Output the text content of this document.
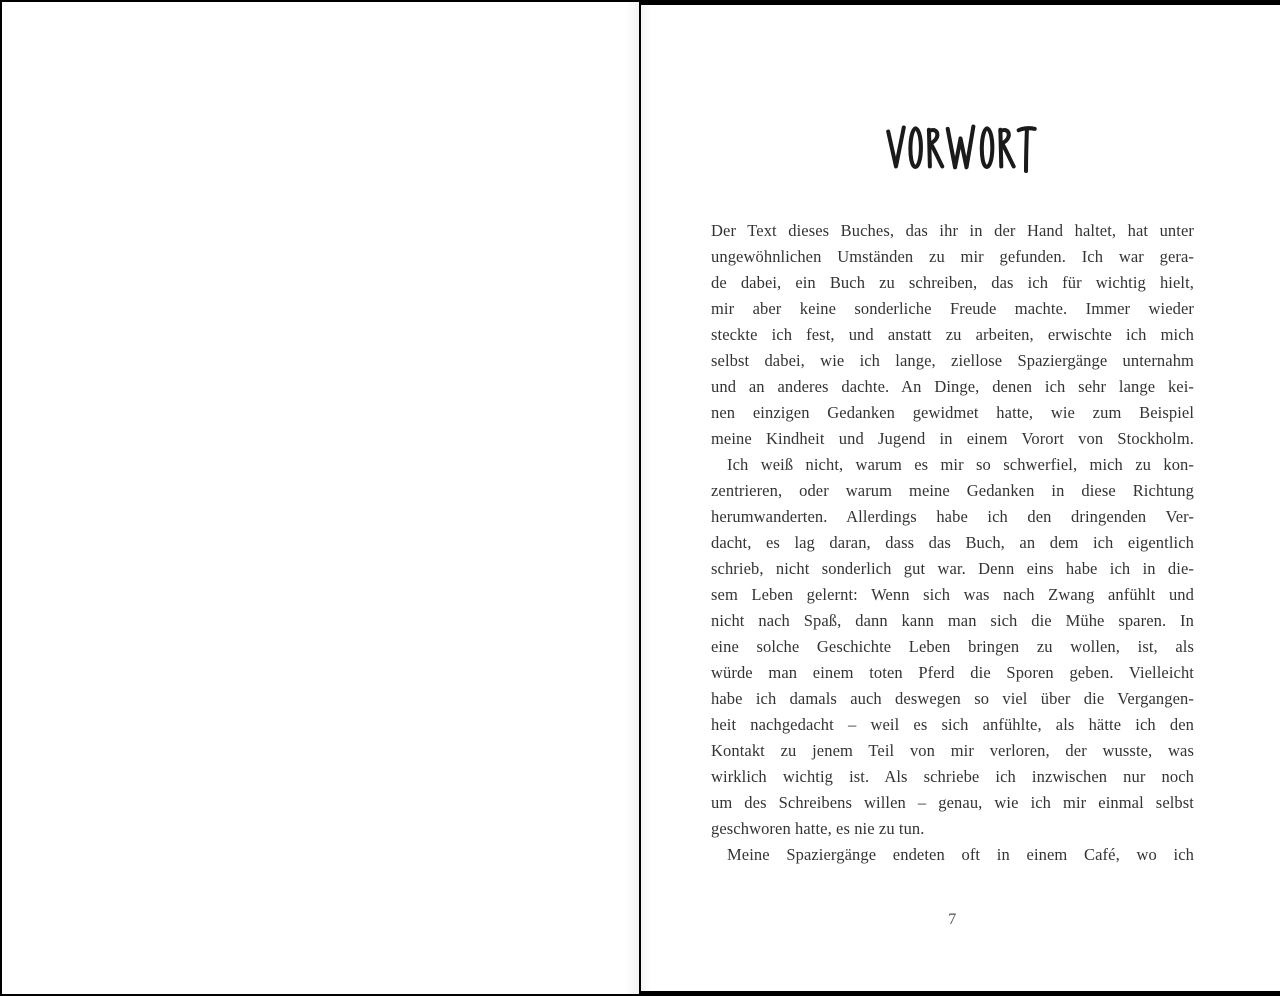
Der Text dieses Buches, das ihr in der Hand haltet, hat unter
ungewöhnlichen Umständen zu mir gefunden. Ich war gera-
de dabei, ein Buch zu schreiben, das ich für wichtig hielt,
mir aber keine sonderliche Freude machte. Immer wieder
steckte ich fest, und anstatt zu arbeiten, erwischte ich mich
selbst dabei, wie ich lange, ziellose Spaziergänge unternahm
und an anderes dachte. An Dinge, denen ich sehr lange kei-
nen einzigen Gedanken gewidmet hatte, wie zum Beispiel
meine Kindheit und Jugend in einem Vorort von Stockholm.
Ich weiß nicht, warum es mir so schwerfiel, mich zu kon-
zentrieren, oder warum meine Gedanken in diese Richtung
herumwanderten. Allerdings habe ich den dringenden Ver-
dacht, es lag daran, dass das Buch, an dem ich eigentlich
schrieb, nicht sonderlich gut war. Denn eins habe ich in die-
sem Leben gelernt: Wenn sich was nach Zwang anfühlt und
nicht nach Spaß, dann kann man sich die Mühe sparen. In
eine solche Geschichte Leben bringen zu wollen, ist, als
würde man einem toten Pferd die Sporen geben. Vielleicht
habe ich damals auch deswegen so viel über die Vergangen-
heit nachgedacht – weil es sich anfühlte, als hätte ich den
Kontakt zu jenem Teil von mir verloren, der wusste, was
wirklich wichtig ist. Als schriebe ich inzwischen nur noch
um des Schreibens willen – genau, wie ich mir einmal selbst
geschworen hatte, es nie zu tun.
Meine Spaziergänge endeten oft in einem Café, wo ich
7
